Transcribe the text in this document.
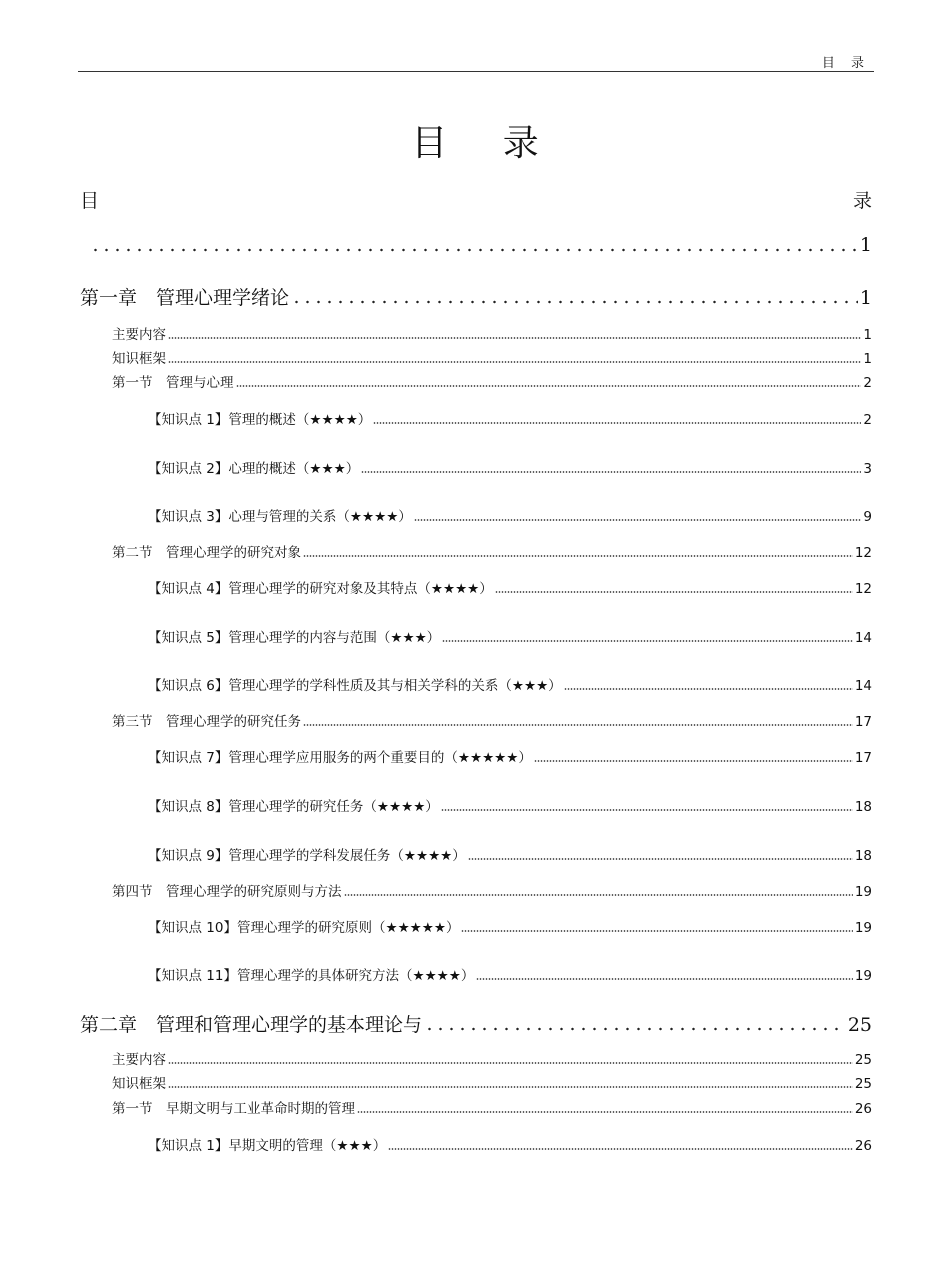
目 录
目 录
目	录
1
第一章　管理心理学绪论	1
主要内容	1
知识框架	1
第一节　管理与心理	2
【知识点 1】管理的概述（★★★★）	2
【知识点 2】心理的概述（★★★）	3
【知识点 3】心理与管理的关系（★★★★）	9
第二节　管理心理学的研究对象	12
【知识点 4】管理心理学的研究对象及其特点（★★★★）	12
【知识点 5】管理心理学的内容与范围（★★★）	14
【知识点 6】管理心理学的学科性质及其与相关学科的关系（★★★）	14
第三节　管理心理学的研究任务	17
【知识点 7】管理心理学应用服务的两个重要目的（★★★★★）	17
【知识点 8】管理心理学的研究任务（★★★★）	18
【知识点 9】管理心理学的学科发展任务（★★★★）	18
第四节　管理心理学的研究原则与方法	19
【知识点 10】管理心理学的研究原则（★★★★★）	19
【知识点 11】管理心理学的具体研究方法（★★★★）	19
第二章　管理和管理心理学的基本理论与	25
主要内容	25
知识框架	25
第一节　早期文明与工业革命时期的管理	26
【知识点 1】早期文明的管理（★★★）	26
